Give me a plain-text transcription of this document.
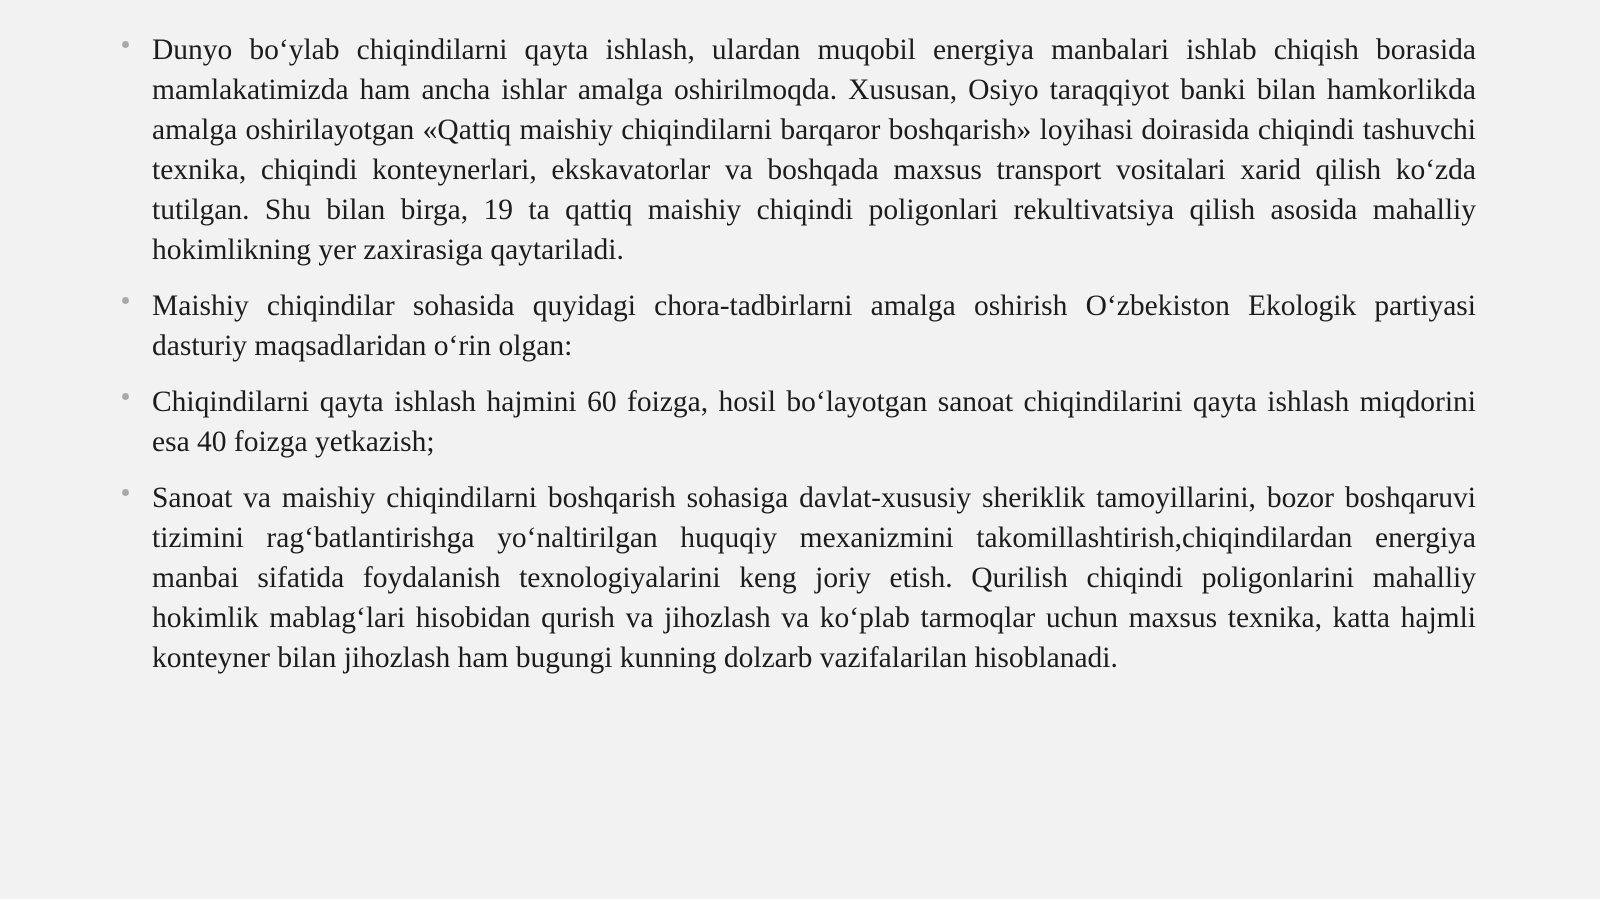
Dunyo bo‘ylab chiqindilarni qayta ishlash, ulardan muqobil energiya manbalari ishlab chiqish borasida mamlakatimizda ham ancha ishlar amalga oshirilmoqda. Xususan, Osiyo taraqqiyot banki bilan hamkorlikda amalga oshirilayotgan «Qattiq maishiy chiqindilarni barqaror boshqarish» loyihasi doirasida chiqindi tashuvchi texnika, chiqindi konteynerlari, ekskavatorlar va boshqada maxsus transport vositalari xarid qilish ko‘zda tutilgan. Shu bilan birga, 19 ta qattiq maishiy chiqindi poligonlari rekultivatsiya qilish asosida mahalliy hokimlikning yer zaxirasiga qaytariladi.
Maishiy chiqindilar sohasida quyidagi chora-tadbirlarni amalga oshirish O‘zbekiston Ekologik partiyasi dasturiy maqsadlaridan o‘rin olgan:
Chiqindilarni qayta ishlash hajmini 60 foizga, hosil bo‘layotgan sanoat chiqindilarini qayta ishlash miqdorini esa 40 foizga yetkazish;
Sanoat va maishiy chiqindilarni boshqarish sohasiga davlat-xususiy sheriklik tamoyillarini, bozor boshqaruvi tizimini rag‘batlantirishga yo‘naltirilgan huquqiy mexanizmini takomillashtirish,chiqindilardan energiya manbai sifatida foydalanish texnologiyalarini keng joriy etish. Qurilish chiqindi poligonlarini mahalliy hokimlik mablag‘lari hisobidan qurish va jihozlash va ko‘plab tarmoqlar uchun maxsus texnika, katta hajmli konteyner bilan jihozlash ham bugungi kunning dolzarb vazifalarilan hisoblanadi.
